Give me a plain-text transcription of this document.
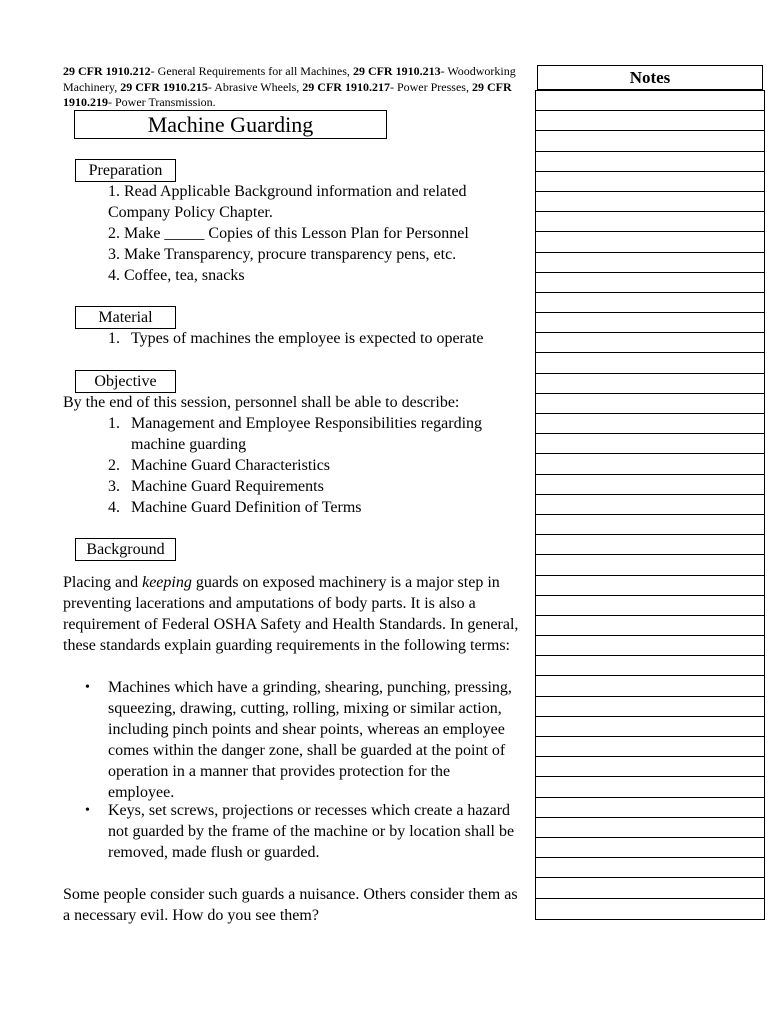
29 CFR 1910.212- General Requirements for all Machines, 29 CFR 1910.213- Woodworking Machinery, 29 CFR 1910.215- Abrasive Wheels, 29 CFR 1910.217- Power Presses, 29 CFR 1910.219- Power Transmission.
Machine Guarding
Preparation
1. Read Applicable Background information and related
Company Policy Chapter.
2. Make _____ Copies of this Lesson Plan for Personnel
3. Make Transparency, procure transparency pens, etc.
4. Coffee, tea, snacks
Material
1. Types of machines the employee is expected to operate
Objective
By the end of this session, personnel shall be able to describe:
1. Management and Employee Responsibilities regarding
machine guarding
2. Machine Guard Characteristics
3. Machine Guard Requirements
4. Machine Guard Definition of Terms
Background
Placing and keeping guards on exposed machinery is a major step in preventing lacerations and amputations of body parts. It is also a requirement of Federal OSHA Safety and Health Standards. In general, these standards explain guarding requirements in the following terms:
• Machines which have a grinding, shearing, punching, pressing, squeezing, drawing, cutting, rolling, mixing or similar action, including pinch points and shear points, whereas an employee comes within the danger zone, shall be guarded at the point of operation in a manner that provides protection for the employee.
• Keys, set screws, projections or recesses which create a hazard not guarded by the frame of the machine or by location shall be removed, made flush or guarded.
Some people consider such guards a nuisance. Others consider them as a necessary evil. How do you see them?
Notes
